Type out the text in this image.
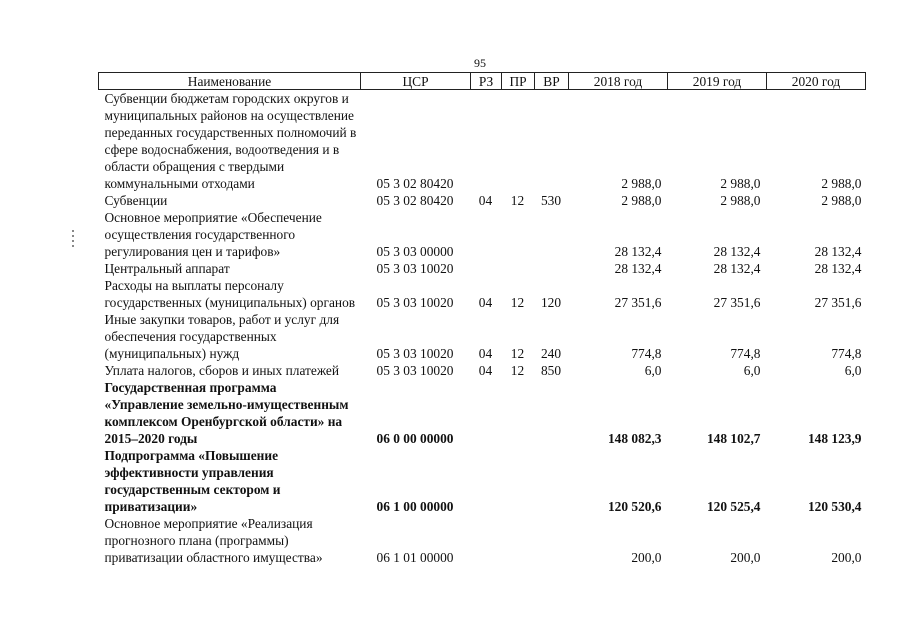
95
Наименование	ЦСР	РЗ	ПР	ВР	2018 год	2019 год	2020 год
Субвенции бюджетам городских округов и муниципальных районов на осуществление переданных государственных полномочий в сфере водоснабжения, водоотведения и в области обращения с твердыми коммунальными отходами	05 3 02 80420				2 988,0	2 988,0	2 988,0
Субвенции	05 3 02 80420	04	12	530	2 988,0	2 988,0	2 988,0
Основное мероприятие «Обеспечение осуществления государственного регулирования цен и тарифов»	05 3 03 00000				28 132,4	28 132,4	28 132,4
Центральный аппарат	05 3 03 10020				28 132,4	28 132,4	28 132,4
Расходы на выплаты персоналу государственных (муниципальных) органов	05 3 03 10020	04	12	120	27 351,6	27 351,6	27 351,6
Иные закупки товаров, работ и услуг для обеспечения государственных (муниципальных) нужд	05 3 03 10020	04	12	240	774,8	774,8	774,8
Уплата налогов, сборов и иных платежей	05 3 03 10020	04	12	850	6,0	6,0	6,0
Государственная программа «Управление земельно-имущественным комплексом Оренбургской области» на 2015–2020 годы	06 0 00 00000				148 082,3	148 102,7	148 123,9
Подпрограмма «Повышение эффективности управления государственным сектором и приватизации»	06 1 00 00000				120 520,6	120 525,4	120 530,4
Основное мероприятие «Реализация прогнозного плана (программы) приватизации областного имущества»	06 1 01 00000				200,0	200,0	200,0
